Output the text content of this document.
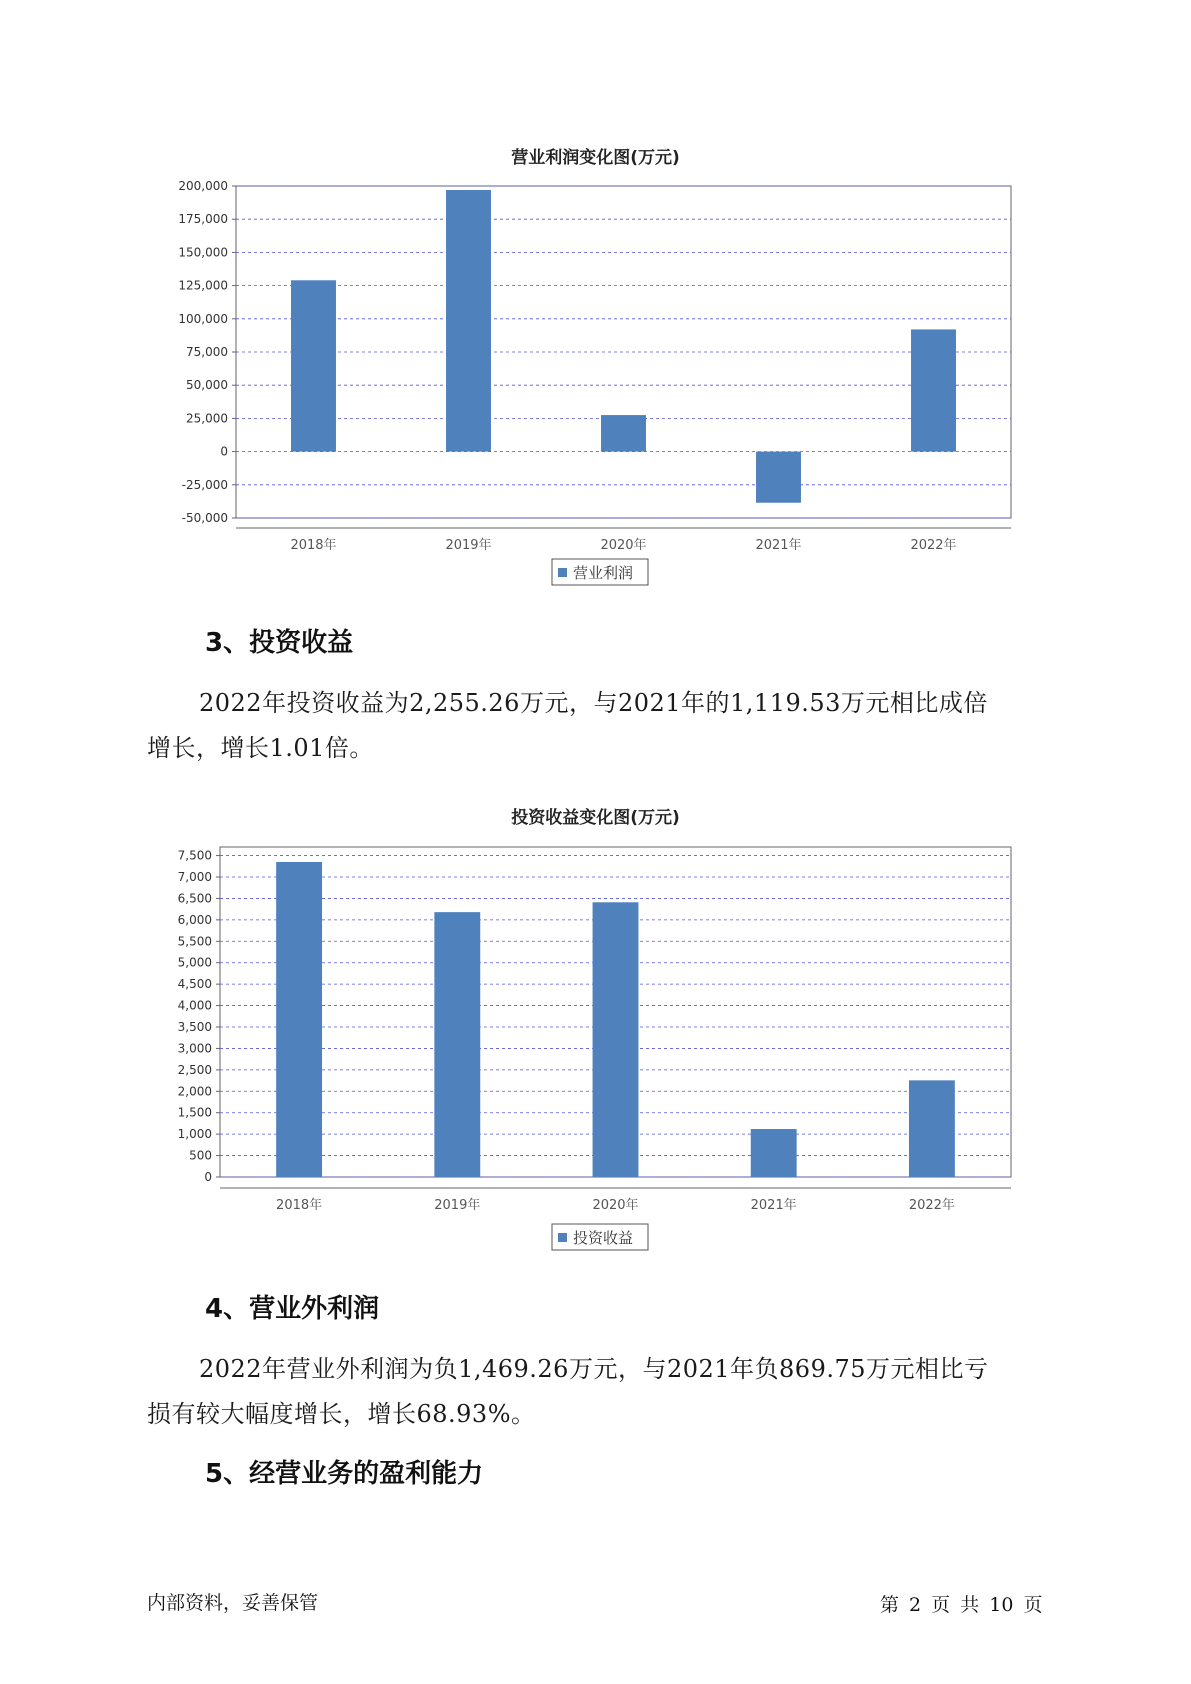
营业利润变化图(万元)
200,000
175,000
150,000
125,000
100,000
75,000
50,000
25,000
0
-25,000
-50,000
2018年	2019年	2020年	2021年	2022年
营业利润
3、投资收益
2022年投资收益为2,255.26万元，与2021年的1,119.53万元相比成倍
增长，增长1.01倍。
投资收益变化图(万元)
7,500
7,000
6,500
6,000
5,500
5,000
4,500
4,000
3,500
3,000
2,500
2,000
1,500
1,000
500
0
2018年	2019年	2020年	2021年	2022年
投资收益
4、营业外利润
2022年营业外利润为负1,469.26万元，与2021年负869.75万元相比亏
损有较大幅度增长，增长68.93%。
5、经营业务的盈利能力
内部资料，妥善保管	第 2 页 共 10 页
